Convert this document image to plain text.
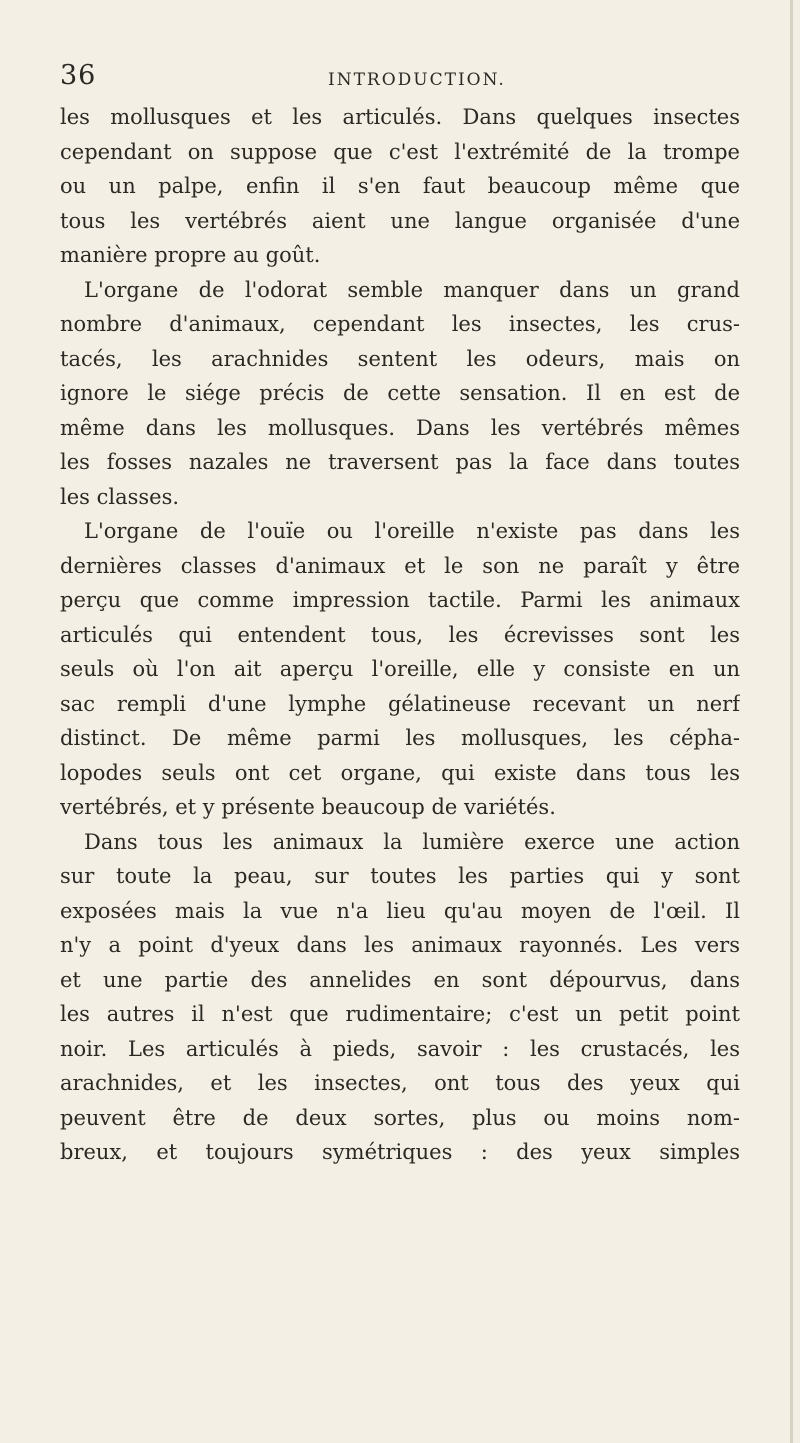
36	INTRODUCTION.
les mollusques et les articulés. Dans quelques insectes
cependant on suppose que c'est l'extrémité de la trompe
ou un palpe, enfin il s'en faut beaucoup même que
tous les vertébrés aient une langue organisée d'une
manière propre au goût.
L'organe de l'odorat semble manquer dans un grand
nombre d'animaux, cependant les insectes, les crus-
tacés, les arachnides sentent les odeurs, mais on
ignore le siége précis de cette sensation. Il en est de
même dans les mollusques. Dans les vertébrés mêmes
les fosses nazales ne traversent pas la face dans toutes
les classes.
L'organe de l'ouïe ou l'oreille n'existe pas dans les
dernières classes d'animaux et le son ne paraît y être
perçu que comme impression tactile. Parmi les animaux
articulés qui entendent tous, les écrevisses sont les
seuls où l'on ait aperçu l'oreille, elle y consiste en un
sac rempli d'une lymphe gélatineuse recevant un nerf
distinct. De même parmi les mollusques, les cépha-
lopodes seuls ont cet organe, qui existe dans tous les
vertébrés, et y présente beaucoup de variétés.
Dans tous les animaux la lumière exerce une action
sur toute la peau, sur toutes les parties qui y sont
exposées mais la vue n'a lieu qu'au moyen de l'œil. Il
n'y a point d'yeux dans les animaux rayonnés. Les vers
et une partie des annelides en sont dépourvus, dans
les autres il n'est que rudimentaire; c'est un petit point
noir. Les articulés à pieds, savoir : les crustacés, les
arachnides, et les insectes, ont tous des yeux qui
peuvent être de deux sortes, plus ou moins nom-
breux, et toujours symétriques : des yeux simples
